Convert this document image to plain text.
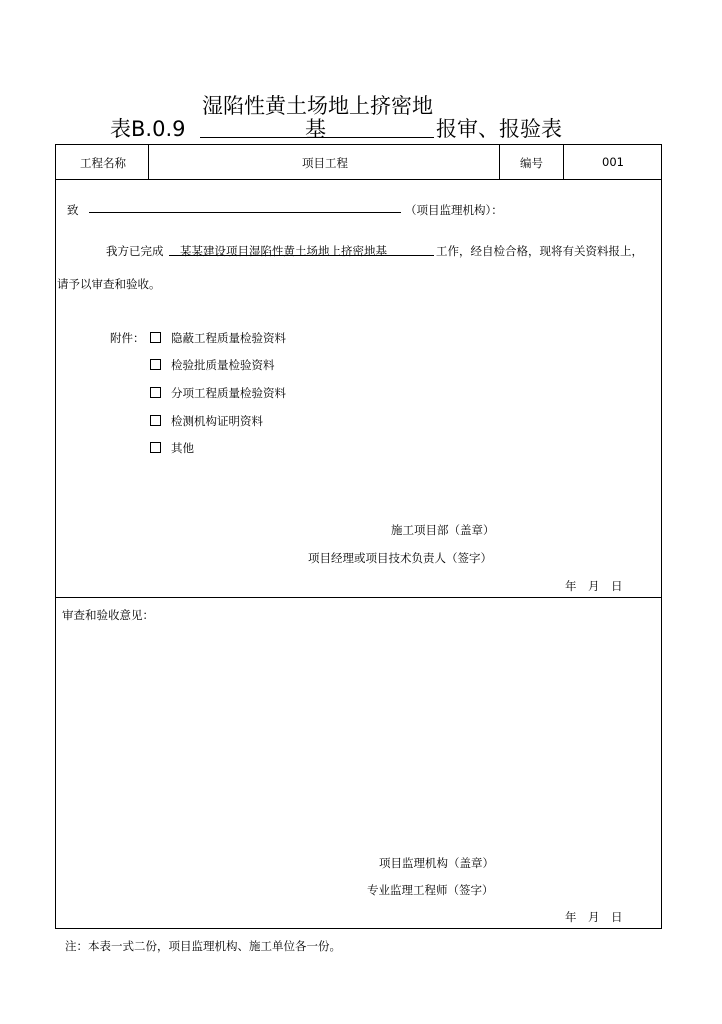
湿陷性黄土场地上挤密地
表B.0.9	基	报审、报验表
工程名称	项目工程	编号	001
致	（项目监理机构）：
我方已完成 某某建设项目湿陷性黄土场地上挤密地基	工作，经自检合格，现将有关资料报上，
请予以审查和验收。
附件：	隐蔽工程质量检验资料
检验批质量检验资料
分项工程质量检验资料
检测机构证明资料
其他
施工项目部（盖章）
项目经理或项目技术负责人（签字）
年　月　日
审查和验收意见：
项目监理机构（盖章）
专业监理工程师（签字）
年　月　日
注：本表一式二份，项目监理机构、施工单位各一份。
